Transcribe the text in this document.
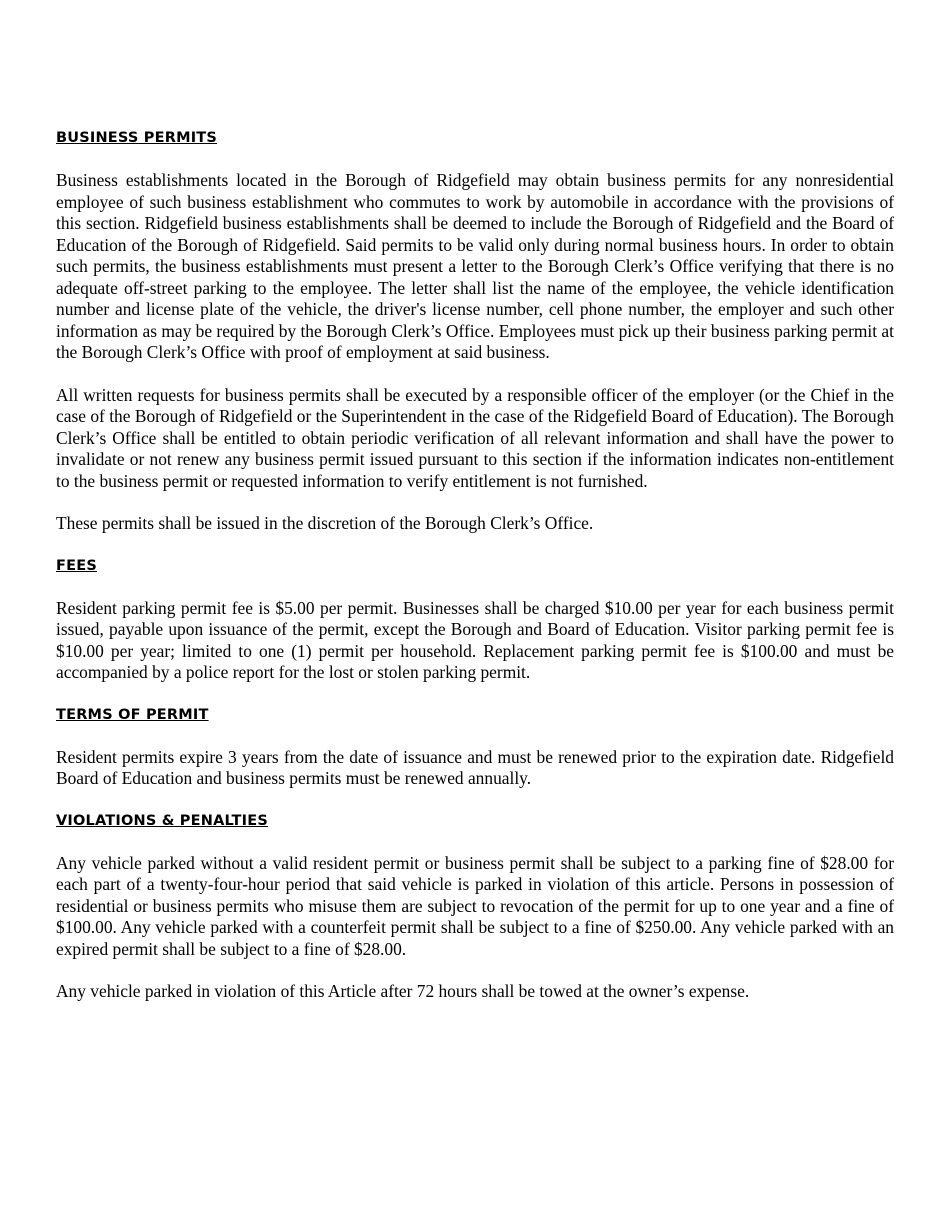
BUSINESS PERMITS

Business establishments located in the Borough of Ridgefield may obtain business permits for any nonresidential employee of such business establishment who commutes to work by automobile in accordance with the provisions of this section. Ridgefield business establishments shall be deemed to include the Borough of Ridgefield and the Board of Education of the Borough of Ridgefield. Said permits to be valid only during normal business hours. In order to obtain such permits, the business establishments must present a letter to the Borough Clerk’s Office verifying that there is no adequate off-street parking to the employee. The letter shall list the name of the employee, the vehicle identification number and license plate of the vehicle, the driver's license number, cell phone number, the employer and such other information as may be required by the Borough Clerk’s Office. Employees must pick up their business parking permit at the Borough Clerk’s Office with proof of employment at said business.

All written requests for business permits shall be executed by a responsible officer of the employer (or the Chief in the case of the Borough of Ridgefield or the Superintendent in the case of the Ridgefield Board of Education). The Borough Clerk’s Office shall be entitled to obtain periodic verification of all relevant information and shall have the power to invalidate or not renew any business permit issued pursuant to this section if the information indicates non-entitlement to the business permit or requested information to verify entitlement is not furnished.

These permits shall be issued in the discretion of the Borough Clerk’s Office.

FEES

Resident parking permit fee is $5.00 per permit. Businesses shall be charged $10.00 per year for each business permit issued, payable upon issuance of the permit, except the Borough and Board of Education. Visitor parking permit fee is $10.00 per year; limited to one (1) permit per household. Replacement parking permit fee is $100.00 and must be accompanied by a police report for the lost or stolen parking permit.

TERMS OF PERMIT

Resident permits expire 3 years from the date of issuance and must be renewed prior to the expiration date. Ridgefield Board of Education and business permits must be renewed annually.

VIOLATIONS & PENALTIES

Any vehicle parked without a valid resident permit or business permit shall be subject to a parking fine of $28.00 for each part of a twenty-four-hour period that said vehicle is parked in violation of this article. Persons in possession of residential or business permits who misuse them are subject to revocation of the permit for up to one year and a fine of $100.00. Any vehicle parked with a counterfeit permit shall be subject to a fine of $250.00. Any vehicle parked with an expired permit shall be subject to a fine of $28.00.

Any vehicle parked in violation of this Article after 72 hours shall be towed at the owner’s expense.
